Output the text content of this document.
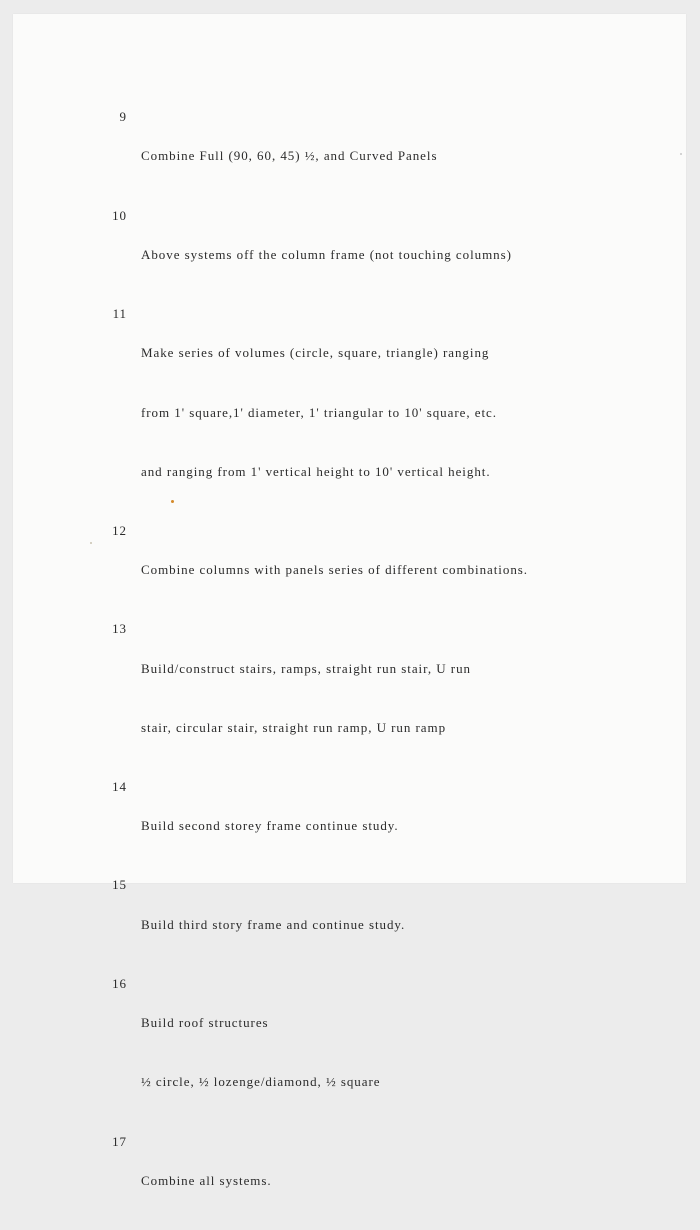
9

Combine Full (90, 60, 45) ½, and Curved Panels

10

Above systems off the column frame (not touching columns)

11

Make series of volumes (circle, square, triangle) ranging

from 1' square,1' diameter, 1' triangular to 10' square, etc.

and ranging from 1' vertical height to 10' vertical height.

12

Combine columns with panels series of different combinations.

13

Build/construct stairs, ramps, straight run stair, U run

stair, circular stair, straight run ramp, U run ramp

14

Build second storey frame continue study.

15

Build third story frame and continue study.

16

Build roof structures

½ circle, ½ lozenge/diamond, ½ square

17

Combine all systems.
